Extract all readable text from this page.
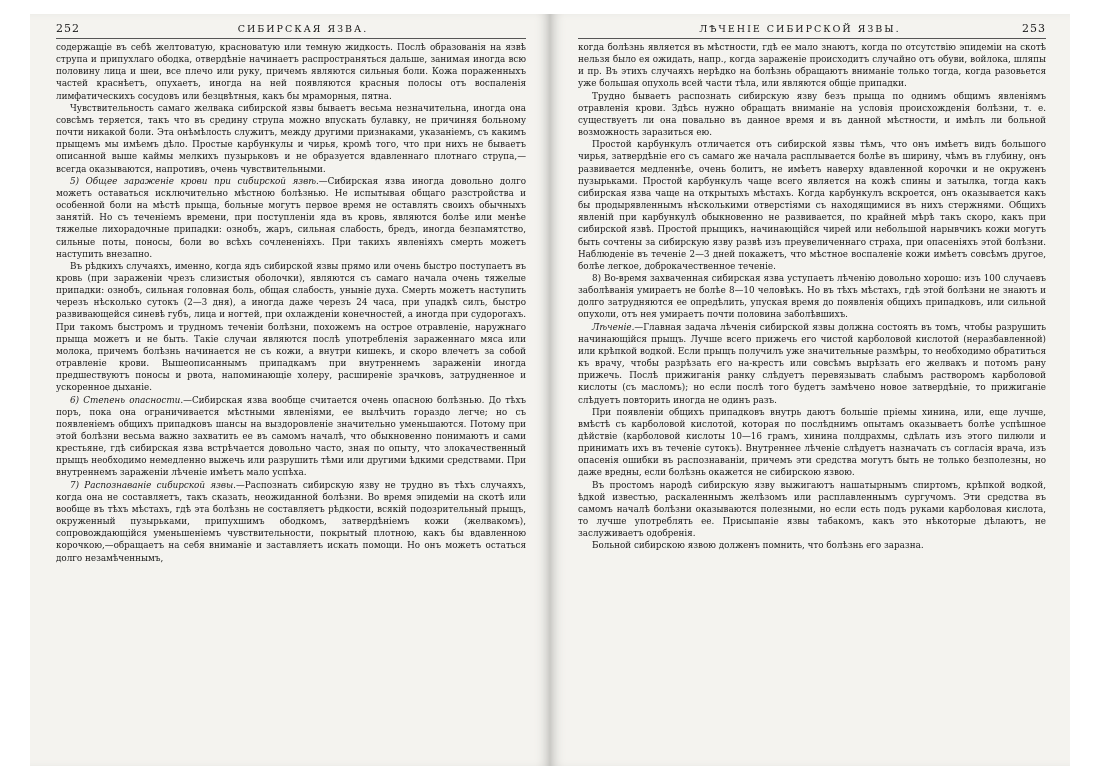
252	СИБИРСКАЯ ЯЗВА.

содержащіе въ себѣ желтоватую, красноватую или темную жидкость. Послѣ образованія на язвѣ струпа и припухлаго ободка, отвердѣніе начинаетъ распространяться дальше, занимая иногда всю половину лица и шеи, все плечо или руку, причемъ являются сильныя боли. Кожа пораженныхъ частей краснѣетъ, опухаетъ, иногда на ней появляются красныя полосы отъ воспаленія лимфатическихъ сосудовъ или безцвѣтныя, какъ бы мраморныя, пятна.

Чувствительность самаго желвака сибирской язвы бываетъ весьма незначительна, иногда она совсѣмъ теряется, такъ что въ средину струпа можно впускать булавку, не причиняя больному почти никакой боли. Эта онѣмѣлость служитъ, между другими признаками, указаніемъ, съ какимъ прыщемъ мы имѣемъ дѣло. Простые карбункулы и чирья, кромѣ того, что при нихъ не бываетъ описанной выше каймы мелкихъ пузырьковъ и не образуется вдавленнаго плотнаго струпа,—всегда оказываются, напротивъ, очень чувствительными.

5) Общее зараженіе крови при сибирской язвѣ.—Сибирская язва иногда довольно долго можетъ оставаться исключительно мѣстною болѣзнью. Не испытывая общаго разстройства и особенной боли на мѣстѣ прыща, больные могутъ первое время не оставлять своихъ обычныхъ занятій. Но съ теченіемъ времени, при поступленіи яда въ кровь, являются болѣе или менѣе тяжелые лихорадочные припадки: ознобъ, жаръ, сильная слабость, бредъ, иногда безпамятство, сильные поты, поносы, боли во всѣхъ сочлененіяхъ. При такихъ явленіяхъ смерть можетъ наступить внезапно.

Въ рѣдкихъ случаяхъ, именно, когда ядъ сибирской язвы прямо или очень быстро поступаетъ въ кровь (при зараженіи чрезъ слизистыя оболочки), являются съ самаго начала очень тяжелые припадки: ознобъ, сильная головная боль, общая слабость, уныніе духа. Смерть можетъ наступить черезъ нѣсколько сутокъ (2—3 дня), а иногда даже черезъ 24 часа, при упадкѣ силъ, быстро развивающейся синевѣ губъ, лица и ногтей, при охлажденіи конечностей, а иногда при судорогахъ. При такомъ быстромъ и трудномъ теченіи болѣзни, похожемъ на острое отравленіе, наружнаго прыща можетъ и не быть. Такіе случаи являются послѣ употребленія зараженнаго мяса или молока, причемъ болѣзнь начинается не съ кожи, а внутри кишекъ, и скоро влечетъ за собой отравленіе крови. Вышеописаннымъ припадкамъ при внутреннемъ зараженіи иногда предшествуютъ поносы и рвота, напоминающіе холеру, расширеніе зрачковъ, затрудненное и ускоренное дыханіе.

6) Степень опасности.—Сибирская язва вообще считается очень опасною болѣзнью. До тѣхъ поръ, пока она ограничивается мѣстными явленіями, ее вылѣчить гораздо легче; но съ появленіемъ общихъ припадковъ шансы на выздоровленіе значительно уменьшаются. Потому при этой болѣзни весьма важно захватить ее въ самомъ началѣ, что обыкновенно понимаютъ и сами крестьяне, гдѣ сибирская язва встрѣчается довольно часто, зная по опыту, что злокачественный прыщъ необходимо немедленно выжечь или разрушить тѣми или другими ѣдкими средствами. При внутреннемъ зараженіи лѣченіе имѣетъ мало успѣха.

7) Распознаваніе сибирской язвы.—Распознать сибирскую язву не трудно въ тѣхъ случаяхъ, когда она не составляетъ, такъ сказать, неожиданной болѣзни. Во время эпидеміи на скотѣ или вообще въ тѣхъ мѣстахъ, гдѣ эта болѣзнь не составляетъ рѣдкости, всякій подозрительный прыщъ, окруженный пузырьками, припухшимъ ободкомъ, затвердѣніемъ кожи (желвакомъ), сопровождающійся уменьшеніемъ чувствительности, покрытый плотною, какъ бы вдавленною корочкою,—обращаетъ на себя вниманіе и заставляетъ искать помощи. Но онъ можетъ остаться долго незамѣченнымъ,

ЛѢЧЕНІЕ СИБИРСКОЙ ЯЗВЫ.	253

когда болѣзнь является въ мѣстности, гдѣ ее мало знаютъ, когда по отсутствію эпидеміи на скотѣ нельзя было ея ожидать, напр., когда зараженіе происходитъ случайно отъ обуви, войлока, шляпы и пр. Въ этихъ случаяхъ нерѣдко на болѣзнь обращаютъ вниманіе только тогда, когда разовьется уже большая опухоль всей части тѣла, или являются общіе припадки.

Трудно бываетъ распознать сибирскую язву безъ прыща по однимъ общимъ явленіямъ отравленія крови. Здѣсь нужно обращать вниманіе на условія происхожденія болѣзни, т. е. существуетъ ли она повально въ данное время и въ данной мѣстности, и имѣлъ ли больной возможность заразиться ею.

Простой карбункулъ отличается отъ сибирской язвы тѣмъ, что онъ имѣетъ видъ большого чирья, затвердѣніе его съ самаго же начала расплывается болѣе въ ширину, чѣмъ въ глубину, онъ развивается медленнѣе, очень болитъ, не имѣетъ наверху вдавленной корочки и не окруженъ пузырьками. Простой карбункулъ чаще всего является на кожѣ спины и затылка, тогда какъ сибирская язва чаще на открытыхъ мѣстахъ. Когда карбункулъ вскроется, онъ оказывается какъ бы продырявленнымъ нѣсколькими отверстіями съ находящимися въ нихъ стержнями. Общихъ явленій при карбункулѣ обыкновенно не развивается, по крайней мѣрѣ такъ скоро, какъ при сибирской язвѣ. Простой прыщикъ, начинающійся чирей или небольшой нарывчикъ кожи могутъ быть сочтены за сибирскую язву развѣ изъ преувеличеннаго страха, при опасеніяхъ этой болѣзни. Наблюденіе въ теченіе 2—3 дней покажетъ, что мѣстное воспаленіе кожи имѣетъ совсѣмъ другое, болѣе легкое, доброкачественное теченіе.

8) Во-время захваченная сибирская язва уступаетъ лѣченію довольно хорошо: изъ 100 случаевъ заболѣванія умираетъ не болѣе 8—10 человѣкъ. Но въ тѣхъ мѣстахъ, гдѣ этой болѣзни не знаютъ и долго затрудняются ее опредѣлить, упуская время до появленія общихъ припадковъ, или сильной опухоли, отъ нея умираетъ почти половина заболѣвшихъ.

Лѣченіе.—Главная задача лѣченія сибирской язвы должна состоять въ томъ, чтобы разрушить начинающійся прыщъ. Лучше всего прижечь его чистой карболовой кислотой (неразбавленной) или крѣпкой водкой. Если прыщъ получилъ уже значительные размѣры, то необходимо обратиться къ врачу, чтобы разрѣзать его на-крестъ или совсѣмъ вырѣзать его желвакъ и потомъ рану прижечь. Послѣ прижиганія ранку слѣдуетъ перевязывать слабымъ растворомъ карболовой кислоты (съ масломъ); но если послѣ того будетъ замѣчено новое затвердѣніе, то прижиганіе слѣдуетъ повторить иногда не одинъ разъ.

При появленіи общихъ припадковъ внутрь даютъ большіе пріемы хинина, или, еще лучше, вмѣстѣ съ карболовой кислотой, которая по послѣднимъ опытамъ оказываетъ болѣе успѣшное дѣйствіе (карболовой кислоты 10—16 грамъ, хинина полдрахмы, сдѣлать изъ этого пилюли и принимать ихъ въ теченіе сутокъ). Внутреннее лѣченіе слѣдуетъ назначать съ согласія врача, изъ опасенія ошибки въ распознаваніи, причемъ эти средства могутъ быть не только безполезны, но даже вредны, если болѣзнь окажется не сибирскою язвою.

Въ простомъ народѣ сибирскую язву выжигаютъ нашатырнымъ спиртомъ, крѣпкой водкой, ѣдкой известью, раскаленнымъ желѣзомъ или расплавленнымъ сургучомъ. Эти средства въ самомъ началѣ болѣзни оказываются полезными, но если есть подъ руками карболовая кислота, то лучше употреблять ее. Присыпаніе язвы табакомъ, какъ это нѣкоторые дѣлаютъ, не заслуживаетъ одобренія.

Больной сибирскою язвою долженъ помнить, что болѣзнь его заразна.
